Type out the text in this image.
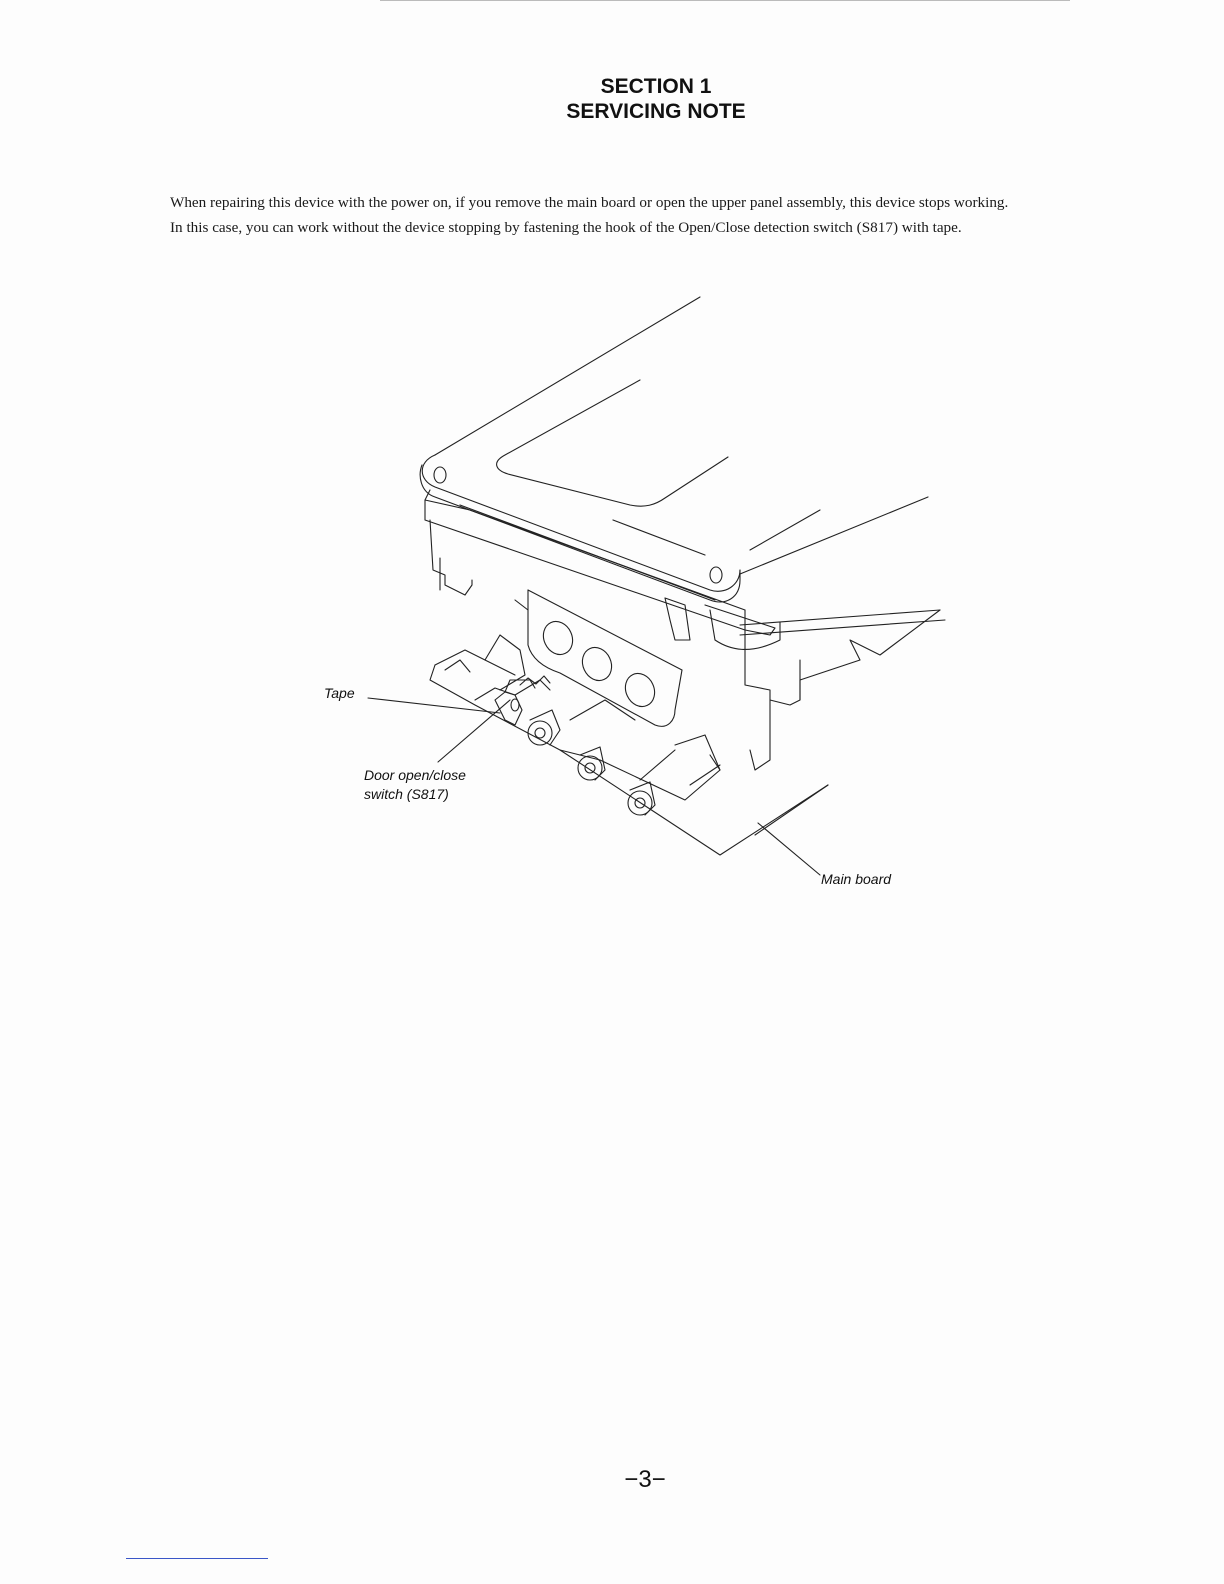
SECTION 1
SERVICING NOTE

When repairing this device with the power on, if you remove the main board or open the upper panel assembly, this device stops working.

In this case, you can work without the device stopping by fastening the hook of the Open/Close detection switch (S817) with tape.

Tape
Door open/close
switch (S817)
Main board
−3−
